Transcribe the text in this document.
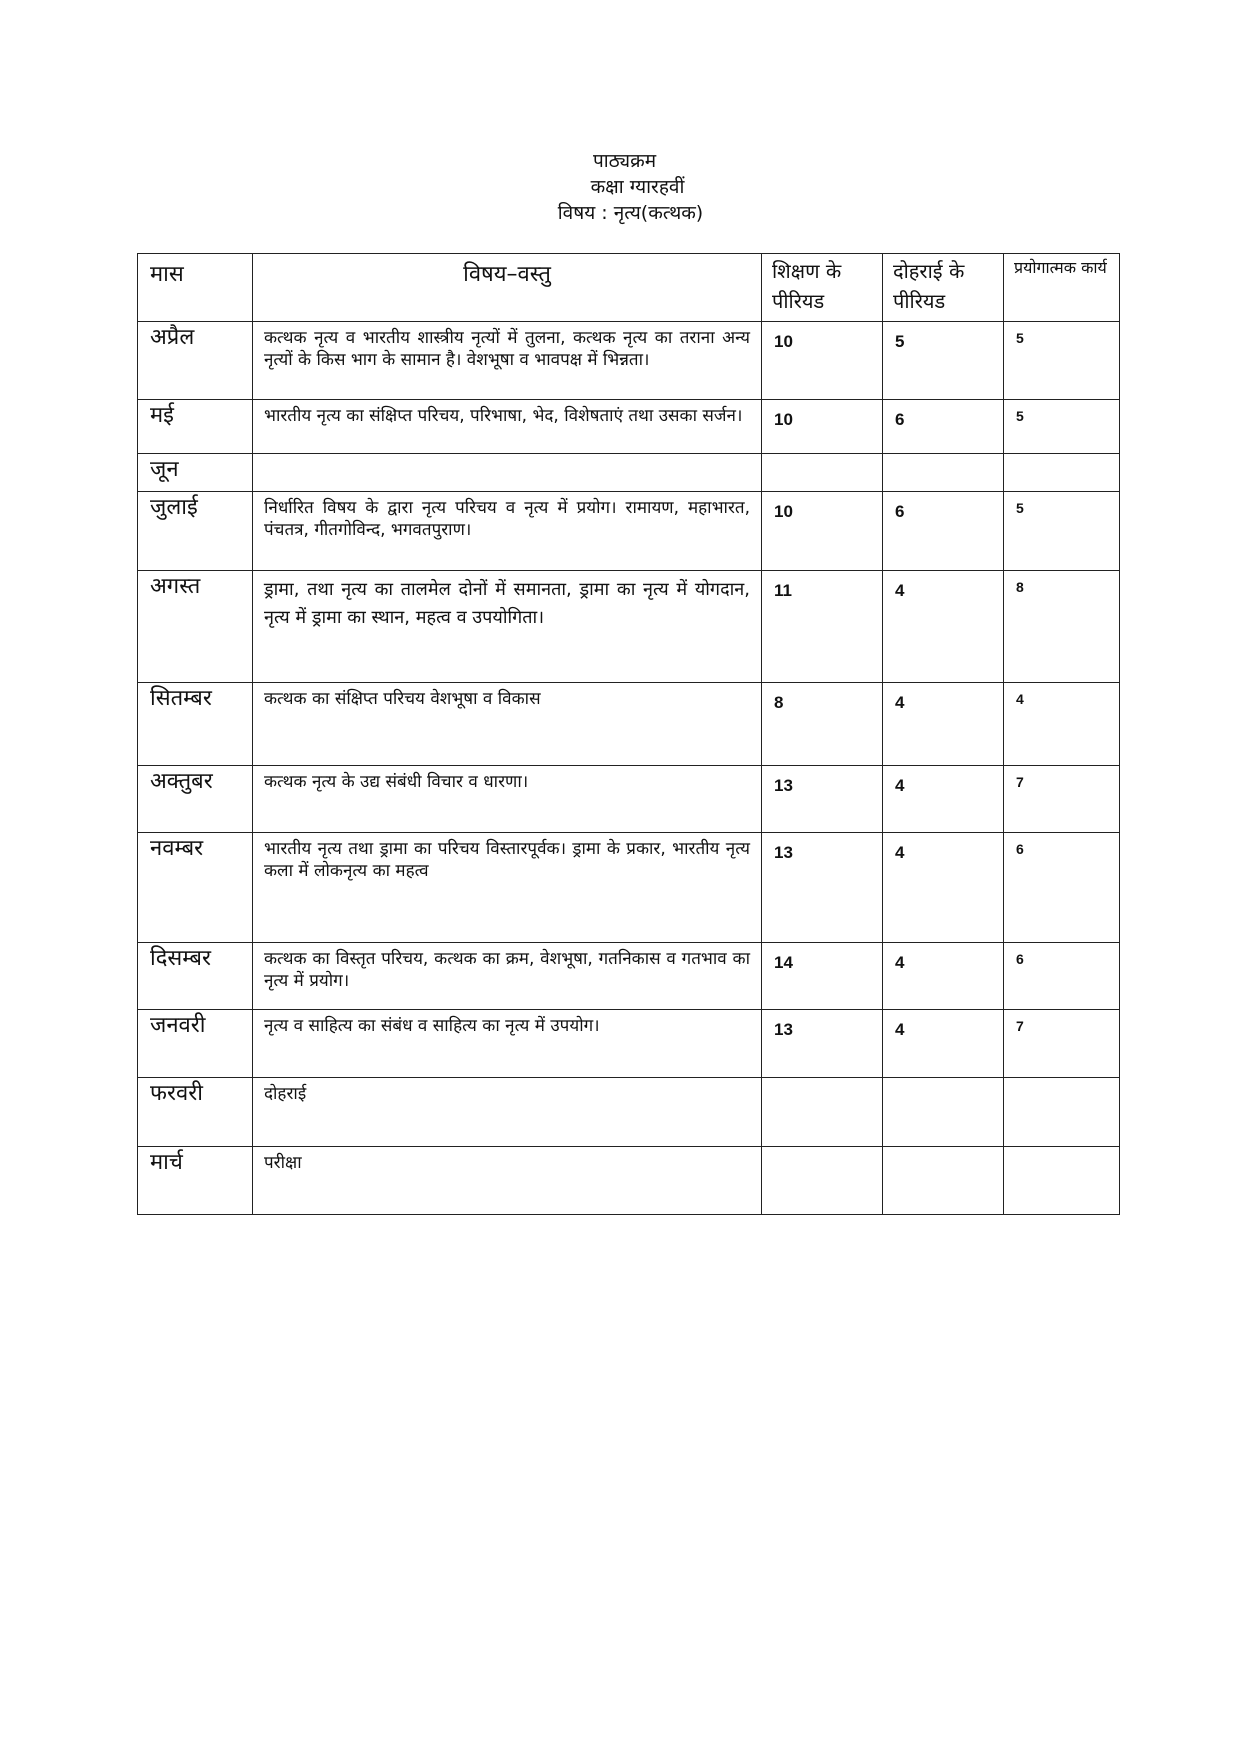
पाठ्यक्रम
कक्षा ग्यारहवीं
विषय : नृत्य(कत्थक)
मास	विषय–वस्तु	शिक्षण के पीरियड	दोहराई के पीरियड	प्रयोगात्मक कार्य
अप्रैल	कत्थक नृत्य व भारतीय शास्त्रीय नृत्यों में तुलना, कत्थक नृत्य का तराना अन्य नृत्यों के किस भाग के सामान है। वेशभूषा व भावपक्ष में भिन्नता।	10	5	5
मई	भारतीय नृत्य का संक्षिप्त परिचय, परिभाषा, भेद, विशेषताएं तथा उसका सर्जन।	10	6	5
जून				
जुलाई	निर्धारित विषय के द्वारा नृत्य परिचय व नृत्य में प्रयोग। रामायण, महाभारत, पंचतत्र, गीतगोविन्द, भगवतपुराण।	10	6	5
अगस्त	ड्रामा, तथा नृत्य का तालमेल दोनों में समानता, ड्रामा का नृत्य में योगदान, नृत्य में ड्रामा का स्थान, महत्व व उपयोगिता।	11	4	8
सितम्बर	कत्थक का संक्षिप्त परिचय वेशभूषा व विकास	8	4	4
अक्तुबर	कत्थक नृत्य के उद्य संबंधी विचार व धारणा।	13	4	7
नवम्बर	भारतीय नृत्य तथा ड्रामा का परिचय विस्तारपूर्वक। ड्रामा के प्रकार, भारतीय नृत्य कला में लोकनृत्य का महत्व	13	4	6
दिसम्बर	कत्थक का विस्तृत परिचय, कत्थक का क्रम, वेशभूषा, गतनिकास व गतभाव का नृत्य में प्रयोग।	14	4	6
जनवरी	नृत्य व साहित्य का संबंध व साहित्य का नृत्य में उपयोग।	13	4	7
फरवरी	दोहराई			
मार्च	परीक्षा			
